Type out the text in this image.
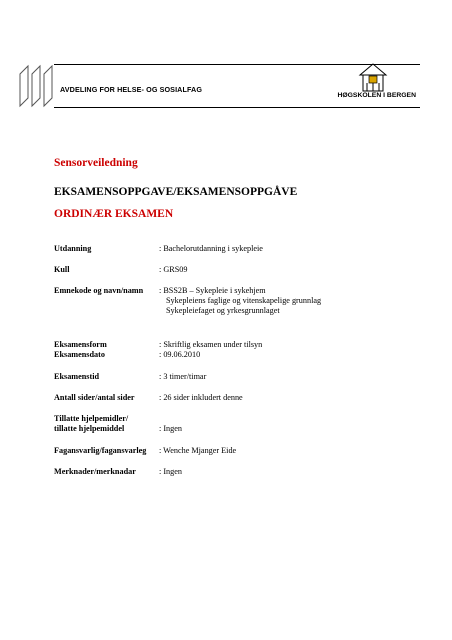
AVDELING FOR HELSE- OG SOSIALFAG
HØGSKOLEN I BERGEN
Sensorveiledning
EKSAMENSOPPGAVE/EKSAMENSOPPGÅVE
ORDINÆR EKSAMEN
Utdanning	: Bachelorutdanning i sykepleie
Kull	: GRS09
Emnekode og navn/namn : BSS2B – Sykepleie i sykehjem
Sykepleiens faglige og vitenskapelige grunnlag
Sykepleiefaget og yrkesgrunnlaget
Eksamensform	: Skriftlig eksamen under tilsyn
Eksamensdato	: 09.06.2010
Eksamenstid	: 3 timer/timar
Antall sider/antal sider	: 26 sider inkludert denne
Tillatte hjelpemidler/
tillatte hjelpemiddel	: Ingen
Fagansvarlig/fagansvarleg : Wenche Mjanger Eide
Merknader/merknadar	: Ingen
